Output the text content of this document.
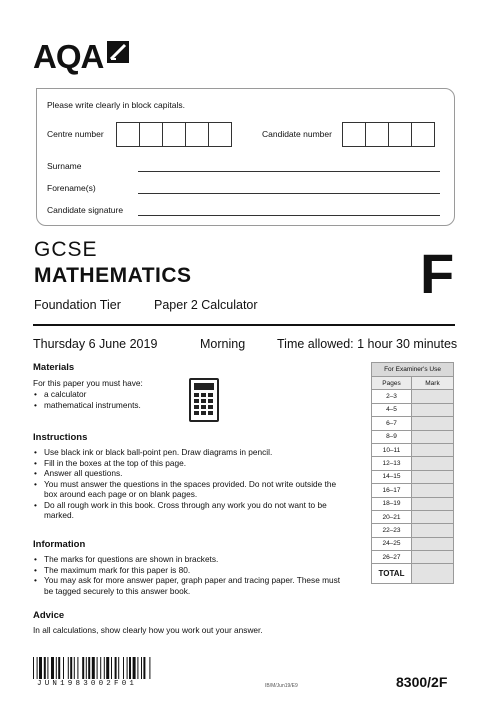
AQA
Please write clearly in block capitals.
Centre number	Candidate number
Surname
Forename(s)
Candidate signature
GCSE
MATHEMATICS
Foundation Tier	Paper 2 Calculator	F
Thursday 6 June 2019	Morning	Time allowed: 1 hour 30 minutes
Materials
For this paper you must have:
• a calculator
• mathematical instruments.
Instructions
• Use black ink or black ball-point pen. Draw diagrams in pencil.
• Fill in the boxes at the top of this page.
• Answer all questions.
• You must answer the questions in the spaces provided. Do not write outside the box around each page or on blank pages.
• Do all rough work in this book. Cross through any work you do not want to be marked.
Information
• The marks for questions are shown in brackets.
• The maximum mark for this paper is 80.
• You may ask for more answer paper, graph paper and tracing paper. These must be tagged securely to this answer book.
Advice
In all calculations, show clearly how you work out your answer.
For Examiner's Use	
Pages	Mark
2–3	
4–5	
6–7	
8–9	
10–11	
12–13	
14–15	
16–17	
18–19	
20–21	
22–23	
24–25	
26–27	
TOTAL	
JUN1983002F01	IB/M/Jun19/E9	8300/2F
